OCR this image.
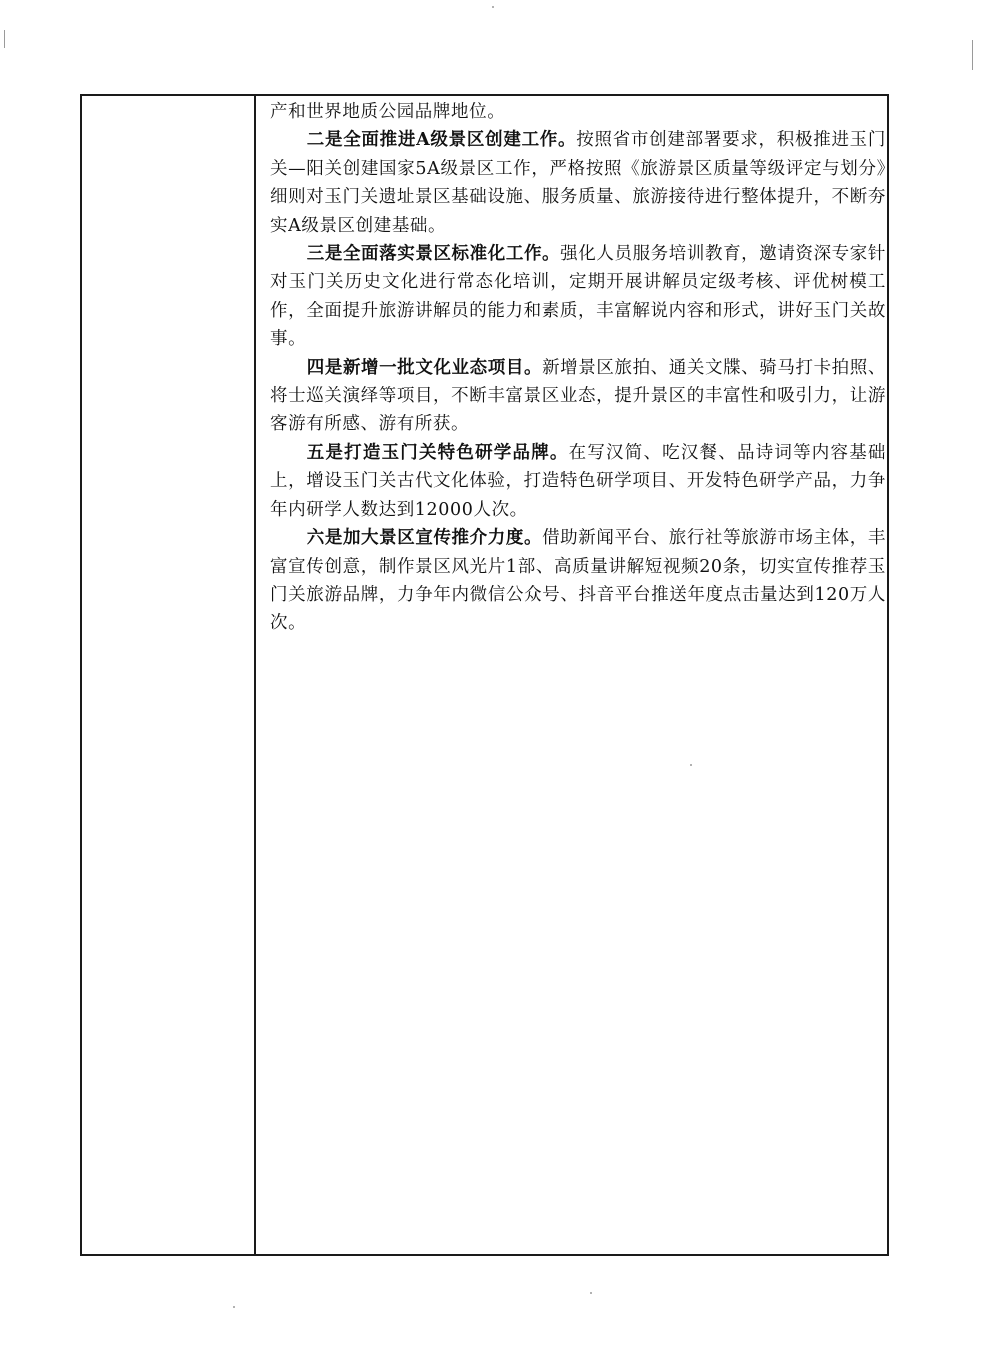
产和世界地质公园品牌地位。

二是全面推进A级景区创建工作。按照省市创建部署要求，积极推进玉门关—阳关创建国家5A级景区工作，严格按照《旅游景区质量等级评定与划分》细则对玉门关遗址景区基础设施、服务质量、旅游接待进行整体提升，不断夯实A级景区创建基础。

三是全面落实景区标准化工作。强化人员服务培训教育，邀请资深专家针对玉门关历史文化进行常态化培训，定期开展讲解员定级考核、评优树模工作，全面提升旅游讲解员的能力和素质，丰富解说内容和形式，讲好玉门关故事。

四是新增一批文化业态项目。新增景区旅拍、通关文牒、骑马打卡拍照、将士巡关演绎等项目，不断丰富景区业态，提升景区的丰富性和吸引力，让游客游有所感、游有所获。

五是打造玉门关特色研学品牌。在写汉简、吃汉餐、品诗词等内容基础上，增设玉门关古代文化体验，打造特色研学项目、开发特色研学产品，力争年内研学人数达到12000人次。

六是加大景区宣传推介力度。借助新闻平台、旅行社等旅游市场主体，丰富宣传创意，制作景区风光片1部、高质量讲解短视频20条，切实宣传推荐玉门关旅游品牌，力争年内微信公众号、抖音平台推送年度点击量达到120万人次。
